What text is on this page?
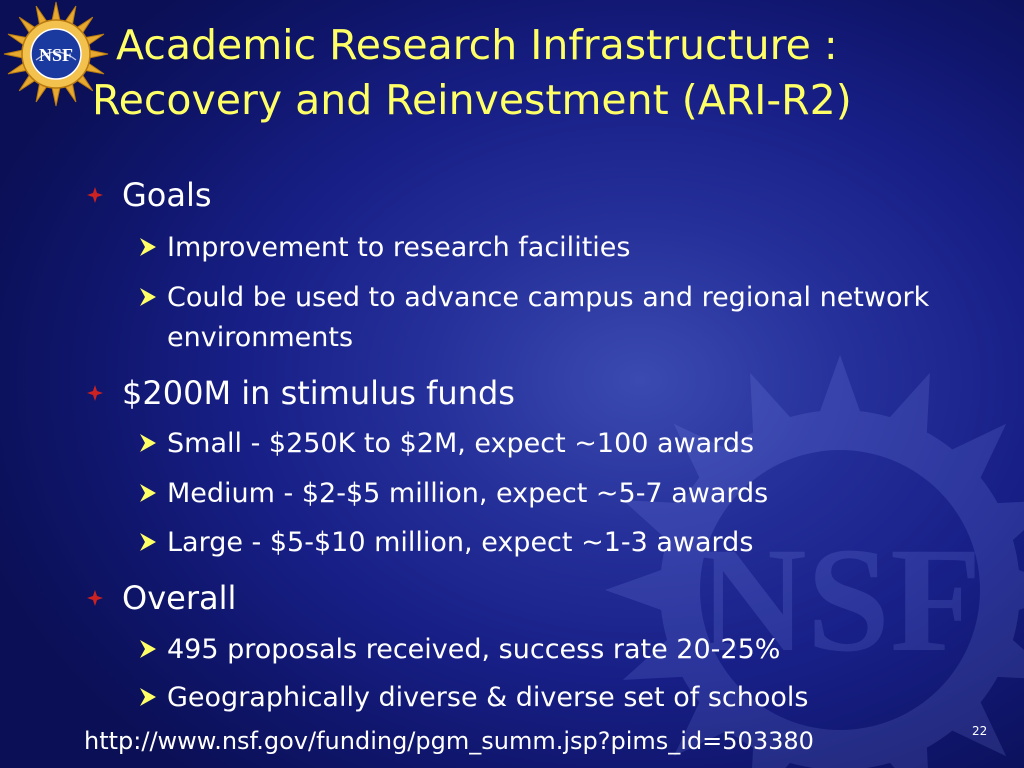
NSF
NSF	Academic Research Infrastructure :
Recovery and Reinvestment (ARI-R2)
Goals
Improvement to research facilities
Could be used to advance campus and regional network environments
$200M in stimulus funds
Small - $250K to $2M, expect ~100 awards
Medium - $2-$5 million, expect ~5-7 awards
Large - $5-$10 million, expect ~1-3 awards
Overall
495 proposals received, success rate 20-25%
Geographically diverse & diverse set of schools
http://www.nsf.gov/funding/pgm_summ.jsp?pims_id=503380	22
